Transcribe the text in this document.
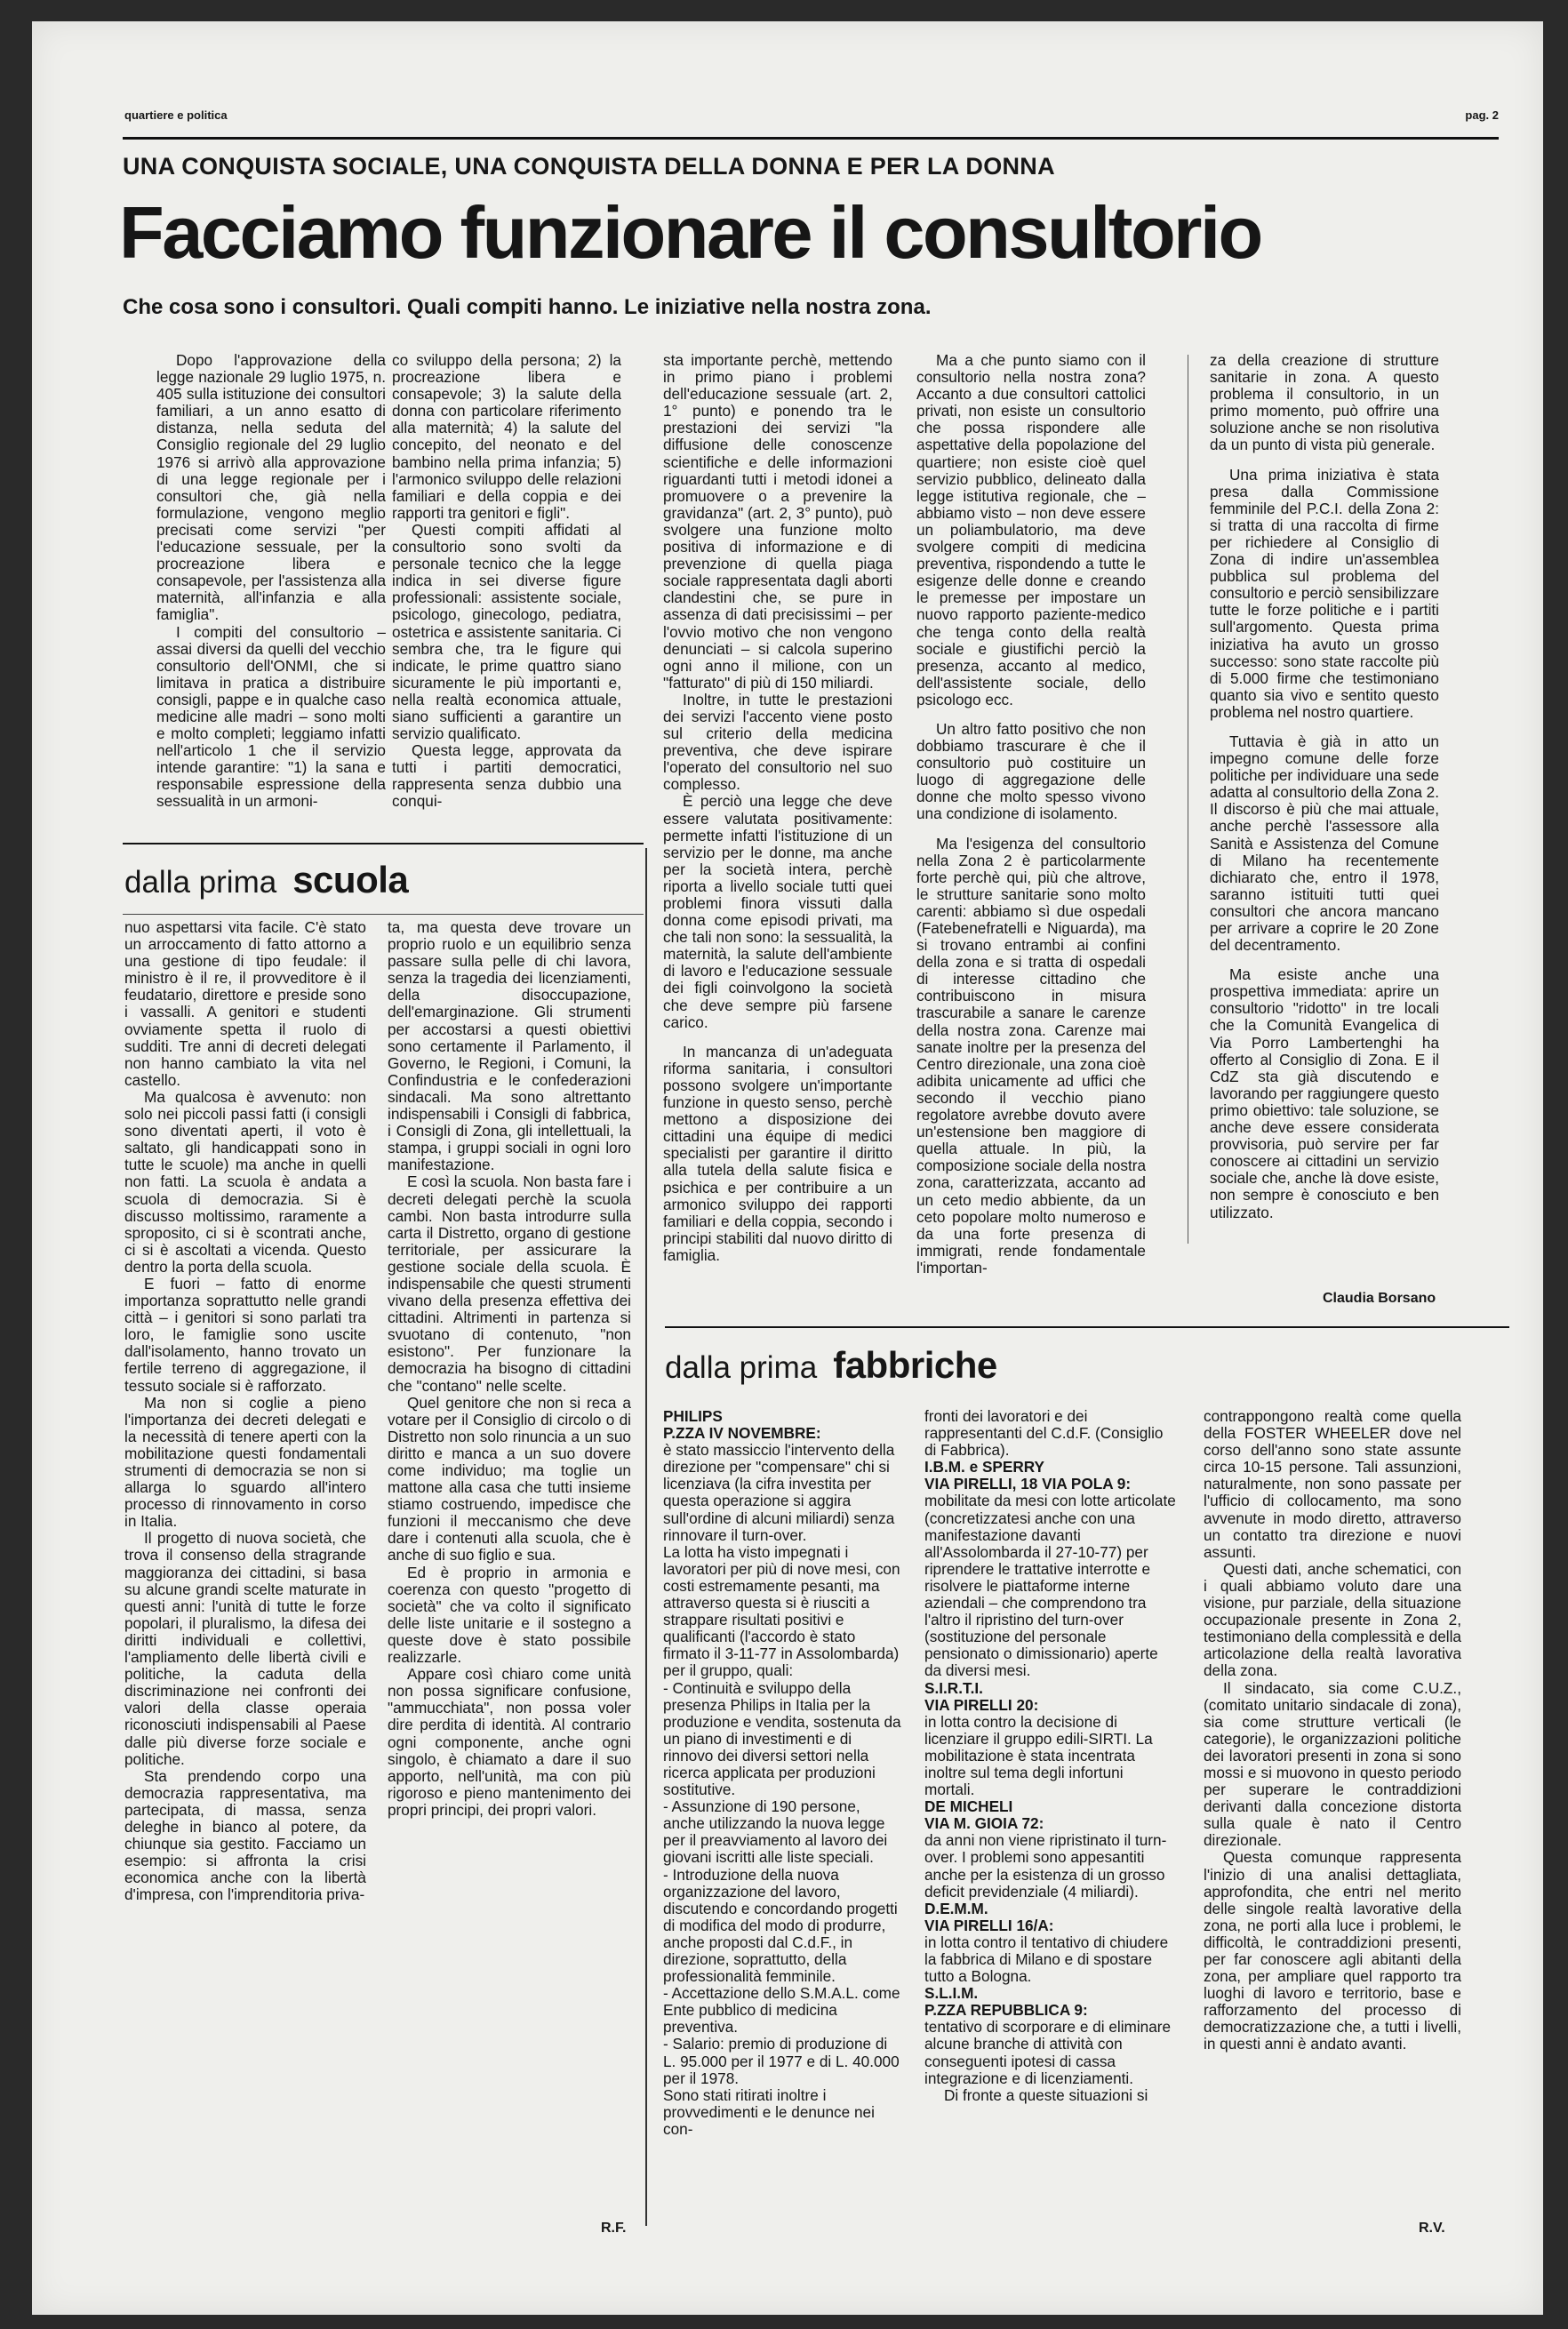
quartiere e politica	pag. 2
UNA CONQUISTA SOCIALE, UNA CONQUISTA DELLA DONNA E PER LA DONNA
Facciamo funzionare il consultorio
Che cosa sono i consultori. Quali compiti hanno. Le iniziative nella nostra zona.

Dopo l'approvazione della legge nazionale 29 luglio 1975, n. 405 sulla istituzione dei consultori familiari, a un anno esatto di distanza, nella seduta del Consiglio regionale del 29 luglio 1976 si arrivò alla approvazione di una legge regionale per i consultori che, già nella formulazione, vengono meglio precisati come servizi "per l'educazione sessuale, per la procreazione libera e consapevole, per l'assistenza alla maternità, all'infanzia e alla famiglia".

I compiti del consultorio – assai diversi da quelli del vecchio consultorio dell'ONMI, che si limitava in pratica a distribuire consigli, pappe e in qualche caso medicine alle madri – sono molti e molto completi; leggiamo infatti nell'articolo 1 che il servizio intende garantire: "1) la sana e responsabile espressione della sessualità in un armoni-

co sviluppo della persona; 2) la procreazione libera e consapevole; 3) la salute della donna con particolare riferimento alla maternità; 4) la salute del concepito, del neonato e del bambino nella prima infanzia; 5) l'armonico sviluppo delle relazioni familiari e della coppia e dei rapporti tra genitori e figli".

Questi compiti affidati al consultorio sono svolti da personale tecnico che la legge indica in sei diverse figure professionali: assistente sociale, psicologo, ginecologo, pediatra, ostetrica e assistente sanitaria. Ci sembra che, tra le figure qui indicate, le prime quattro siano sicuramente le più importanti e, nella realtà economica attuale, siano sufficienti a garantire un servizio qualificato.

Questa legge, approvata da tutti i partiti democratici, rappresenta senza dubbio una conqui-

sta importante perchè, mettendo in primo piano i problemi dell'educazione sessuale (art. 2, 1° punto) e ponendo tra le prestazioni dei servizi "la diffusione delle conoscenze scientifiche e delle informazioni riguardanti tutti i metodi idonei a promuovere o a prevenire la gravidanza" (art. 2, 3° punto), può svolgere una funzione molto positiva di informazione e di prevenzione di quella piaga sociale rappresentata dagli aborti clandestini che, se pure in assenza di dati precisissimi – per l'ovvio motivo che non vengono denunciati – si calcola superino ogni anno il milione, con un "fatturato" di più di 150 miliardi.

Inoltre, in tutte le prestazioni dei servizi l'accento viene posto sul criterio della medicina preventiva, che deve ispirare l'operato del consultorio nel suo complesso.

È perciò una legge che deve essere valutata positivamente: permette infatti l'istituzione di un servizio per le donne, ma anche per la società intera, perchè riporta a livello sociale tutti quei problemi finora vissuti dalla donna come episodi privati, ma che tali non sono: la sessualità, la maternità, la salute dell'ambiente di lavoro e l'educazione sessuale dei figli coinvolgono la società che deve sempre più farsene carico.

In mancanza di un'adeguata riforma sanitaria, i consultori possono svolgere un'importante funzione in questo senso, perchè mettono a disposizione dei cittadini una équipe di medici specialisti per garantire il diritto alla tutela della salute fisica e psichica e per contribuire a un armonico sviluppo dei rapporti familiari e della coppia, secondo i principi stabiliti dal nuovo diritto di famiglia.

Ma a che punto siamo con il consultorio nella nostra zona? Accanto a due consultori cattolici privati, non esiste un consultorio che possa rispondere alle aspettative della popolazione del quartiere; non esiste cioè quel servizio pubblico, delineato dalla legge istitutiva regionale, che – abbiamo visto – non deve essere un poliambulatorio, ma deve svolgere compiti di medicina preventiva, rispondendo a tutte le esigenze delle donne e creando le premesse per impostare un nuovo rapporto paziente-medico che tenga conto della realtà sociale e giustifichi perciò la presenza, accanto al medico, dell'assistente sociale, dello psicologo ecc.

Un altro fatto positivo che non dobbiamo trascurare è che il consultorio può costituire un luogo di aggregazione delle donne che molto spesso vivono una condizione di isolamento.

Ma l'esigenza del consultorio nella Zona 2 è particolarmente forte perchè qui, più che altrove, le strutture sanitarie sono molto carenti: abbiamo sì due ospedali (Fatebenefratelli e Niguarda), ma si trovano entrambi ai confini della zona e si tratta di ospedali di interesse cittadino che contribuiscono in misura trascurabile a sanare le carenze della nostra zona. Carenze mai sanate inoltre per la presenza del Centro direzionale, una zona cioè adibita unicamente ad uffici che secondo il vecchio piano regolatore avrebbe dovuto avere un'estensione ben maggiore di quella attuale. In più, la composizione sociale della nostra zona, caratterizzata, accanto ad un ceto medio abbiente, da un ceto popolare molto numeroso e da una forte presenza di immigrati, rende fondamentale l'importan-

za della creazione di strutture sanitarie in zona. A questo problema il consultorio, in un primo momento, può offrire una soluzione anche se non risolutiva da un punto di vista più generale.

Una prima iniziativa è stata presa dalla Commissione femminile del P.C.I. della Zona 2: si tratta di una raccolta di firme per richiedere al Consiglio di Zona di indire un'assemblea pubblica sul problema del consultorio e perciò sensibilizzare tutte le forze politiche e i partiti sull'argomento. Questa prima iniziativa ha avuto un grosso successo: sono state raccolte più di 5.000 firme che testimoniano quanto sia vivo e sentito questo problema nel nostro quartiere.

Tuttavia è già in atto un impegno comune delle forze politiche per individuare una sede adatta al consultorio della Zona 2. Il discorso è più che mai attuale, anche perchè l'assessore alla Sanità e Assistenza del Comune di Milano ha recentemente dichiarato che, entro il 1978, saranno istituiti tutti quei consultori che ancora mancano per arrivare a coprire le 20 Zone del decentramento.

Ma esiste anche una prospettiva immediata: aprire un consultorio "ridotto" in tre locali che la Comunità Evangelica di Via Porro Lambertenghi ha offerto al Consiglio di Zona. E il CdZ sta già discutendo e lavorando per raggiungere questo primo obiettivo: tale soluzione, se anche deve essere considerata provvisoria, può servire per far conoscere ai cittadini un servizio sociale che, anche là dove esiste, non sempre è conosciuto e ben utilizzato.

Claudia Borsano
dalla prima scuola

nuo aspettarsi vita facile. C'è stato un arroccamento di fatto attorno a una gestione di tipo feudale: il ministro è il re, il provveditore è il feudatario, direttore e preside sono i vassalli. A genitori e studenti ovviamente spetta il ruolo di sudditi. Tre anni di decreti delegati non hanno cambiato la vita nel castello.

Ma qualcosa è avvenuto: non solo nei piccoli passi fatti (i consigli sono diventati aperti, il voto è saltato, gli handicappati sono in tutte le scuole) ma anche in quelli non fatti. La scuola è andata a scuola di democrazia. Si è discusso moltissimo, raramente a sproposito, ci si è scontrati anche, ci si è ascoltati a vicenda. Questo dentro la porta della scuola.

E fuori – fatto di enorme importanza soprattutto nelle grandi città – i genitori si sono parlati tra loro, le famiglie sono uscite dall'isolamento, hanno trovato un fertile terreno di aggregazione, il tessuto sociale si è rafforzato.

Ma non si coglie a pieno l'importanza dei decreti delegati e la necessità di tenere aperti con la mobilitazione questi fondamentali strumenti di democrazia se non si allarga lo sguardo all'intero processo di rinnovamento in corso in Italia.

Il progetto di nuova società, che trova il consenso della stragrande maggioranza dei cittadini, si basa su alcune grandi scelte maturate in questi anni: l'unità di tutte le forze popolari, il pluralismo, la difesa dei diritti individuali e collettivi, l'ampliamento delle libertà civili e politiche, la caduta della discriminazione nei confronti dei valori della classe operaia riconosciuti indispensabili al Paese dalle più diverse forze sociale e politiche.

Sta prendendo corpo una democrazia rappresentativa, ma partecipata, di massa, senza deleghe in bianco al potere, da chiunque sia gestito. Facciamo un esempio: si affronta la crisi economica anche con la libertà d'impresa, con l'imprenditoria priva-

ta, ma questa deve trovare un proprio ruolo e un equilibrio senza passare sulla pelle di chi lavora, senza la tragedia dei licenziamenti, della disoccupazione, dell'emarginazione. Gli strumenti per accostarsi a questi obiettivi sono certamente il Parlamento, il Governo, le Regioni, i Comuni, la Confindustria e le confederazioni sindacali. Ma sono altrettanto indispensabili i Consigli di fabbrica, i Consigli di Zona, gli intellettuali, la stampa, i gruppi sociali in ogni loro manifestazione.

E così la scuola. Non basta fare i decreti delegati perchè la scuola cambi. Non basta introdurre sulla carta il Distretto, organo di gestione territoriale, per assicurare la gestione sociale della scuola. È indispensabile che questi strumenti vivano della presenza effettiva dei cittadini. Altrimenti in partenza si svuotano di contenuto, "non esistono". Per funzionare la democrazia ha bisogno di cittadini che "contano" nelle scelte.

Quel genitore che non si reca a votare per il Consiglio di circolo o di Distretto non solo rinuncia a un suo diritto e manca a un suo dovere come individuo; ma toglie un mattone alla casa che tutti insieme stiamo costruendo, impedisce che funzioni il meccanismo che deve dare i contenuti alla scuola, che è anche di suo figlio e sua.

Ed è proprio in armonia e coerenza con questo "progetto di società" che va colto il significato delle liste unitarie e il sostegno a queste dove è stato possibile realizzarle.

Appare così chiaro come unità non possa significare confusione, "ammucchiata", non possa voler dire perdita di identità. Al contrario ogni componente, anche ogni singolo, è chiamato a dare il suo apporto, nell'unità, ma con più rigoroso e pieno mantenimento dei propri principi, dei propri valori.

R.F.
dalla prima fabbriche
PHILIPS
P.ZZA IV NOVEMBRE:
è stato massiccio l'intervento della direzione per "compensare" chi si licenziava (la cifra investita per questa operazione si aggira sull'ordine di alcuni miliardi) senza rinnovare il turn-over.
La lotta ha visto impegnati i lavoratori per più di nove mesi, con costi estremamente pesanti, ma attraverso questa si è riusciti a strappare risultati positivi e qualificanti (l'accordo è stato firmato il 3-11-77 in Assolombarda) per il gruppo, quali:
- Continuità e sviluppo della presenza Philips in Italia per la produzione e vendita, sostenuta da un piano di investimenti e di rinnovo dei diversi settori nella ricerca applicata per produzioni sostitutive.
- Assunzione di 190 persone, anche utilizzando la nuova legge per il preavviamento al lavoro dei giovani iscritti alle liste speciali.
- Introduzione della nuova organizzazione del lavoro, discutendo e concordando progetti di modifica del modo di produrre, anche proposti dal C.d.F., in direzione, soprattutto, della professionalità femminile.
- Accettazione dello S.M.A.L. come Ente pubblico di medicina preventiva.
- Salario: premio di produzione di L. 95.000 per il 1977 e di L. 40.000 per il 1978.
Sono stati ritirati inoltre i provvedimenti e le denunce nei con-
fronti dei lavoratori e dei rappresentanti del C.d.F. (Consiglio di Fabbrica).
I.B.M. e SPERRY
VIA PIRELLI, 18 VIA POLA 9:
mobilitate da mesi con lotte articolate (concretizzatesi anche con una manifestazione davanti all'Assolombarda il 27-10-77) per riprendere le trattative interrotte e risolvere le piattaforme interne aziendali – che comprendono tra l'altro il ripristino del turn-over (sostituzione del personale pensionato o dimissionario) aperte da diversi mesi.
S.I.R.T.I.
VIA PIRELLI 20:
in lotta contro la decisione di licenziare il gruppo edili-SIRTI. La mobilitazione è stata incentrata inoltre sul tema degli infortuni mortali.
DE MICHELI
VIA M. GIOIA 72:
da anni non viene ripristinato il turn-over. I problemi sono appesantiti anche per la esistenza di un grosso deficit previdenziale (4 miliardi).
D.E.M.M.
VIA PIRELLI 16/A:
in lotta contro il tentativo di chiudere la fabbrica di Milano e di spostare tutto a Bologna.
S.L.I.M.
P.ZZA REPUBBLICA 9:
tentativo di scorporare e di eliminare alcune branche di attività con conseguenti ipotesi di cassa integrazione e di licenziamenti.
Di fronte a queste situazioni si

contrappongono realtà come quella della FOSTER WHEELER dove nel corso dell'anno sono state assunte circa 10-15 persone. Tali assunzioni, naturalmente, non sono passate per l'ufficio di collocamento, ma sono avvenute in modo diretto, attraverso un contatto tra direzione e nuovi assunti.

Questi dati, anche schematici, con i quali abbiamo voluto dare una visione, pur parziale, della situazione occupazionale presente in Zona 2, testimoniano della complessità e della articolazione della realtà lavorativa della zona.

Il sindacato, sia come C.U.Z., (comitato unitario sindacale di zona), sia come strutture verticali (le categorie), le organizzazioni politiche dei lavoratori presenti in zona si sono mossi e si muovono in questo periodo per superare le contraddizioni derivanti dalla concezione distorta sulla quale è nato il Centro direzionale.

Questa comunque rappresenta l'inizio di una analisi dettagliata, approfondita, che entri nel merito delle singole realtà lavorative della zona, ne porti alla luce i problemi, le difficoltà, le contraddizioni presenti, per far conoscere agli abitanti della zona, per ampliare quel rapporto tra luoghi di lavoro e territorio, base e rafforzamento del processo di democratizzazione che, a tutti i livelli, in questi anni è andato avanti.

R.V.
